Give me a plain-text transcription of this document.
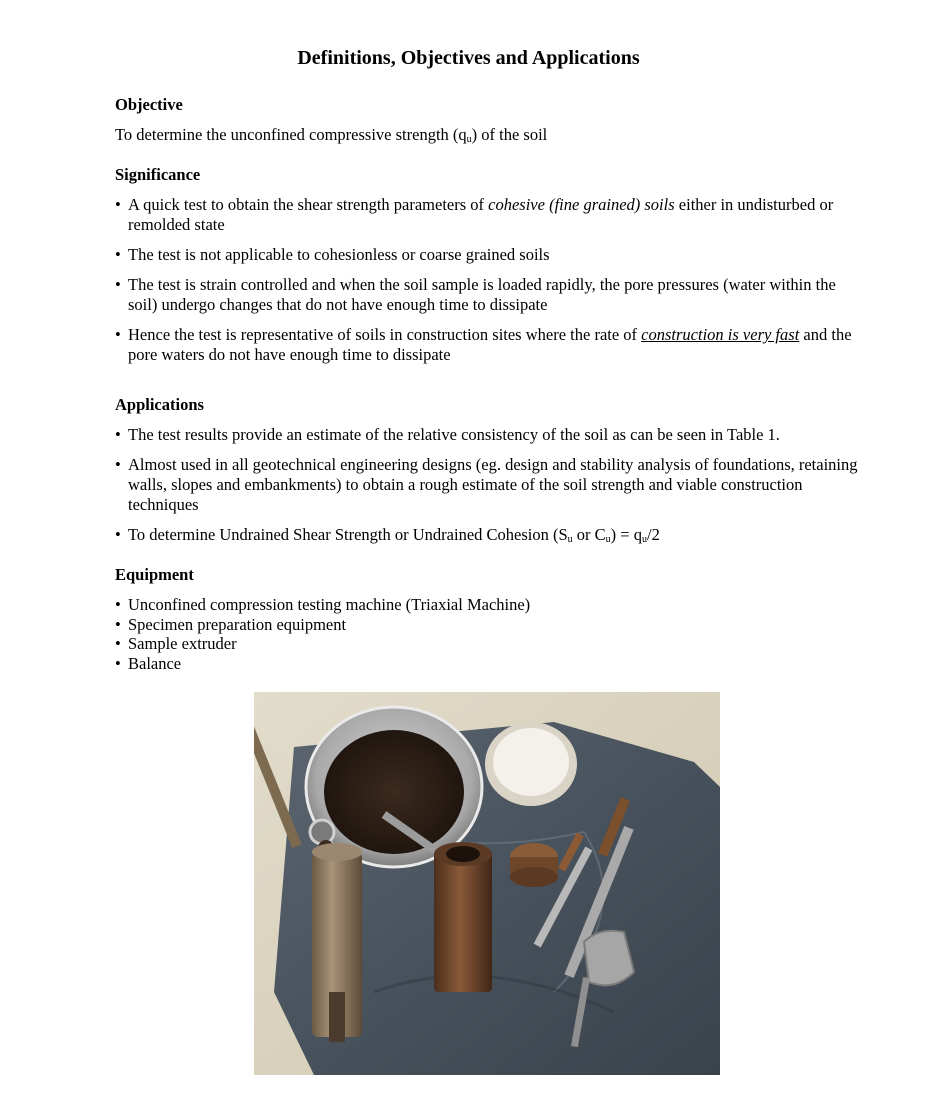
Definitions, Objectives and Applications
Objective
To determine the unconfined compressive strength $(q_u)$ of the soil
Significance
• A quick test to obtain the shear strength parameters of cohesive (fine grained) soils either in undisturbed or remolded state
• The test is not applicable to cohesionless or coarse grained soils
• The test is strain controlled and when the soil sample is loaded rapidly, the pore pressures (water within the soil) undergo changes that do not have enough time to dissipate
• Hence the test is representative of soils in construction sites where the rate of construction is very fast and the pore waters do not have enough time to dissipate
Applications
• The test results provide an estimate of the relative consistency of the soil as can be seen in Table 1.
• Almost used in all geotechnical engineering designs (eg. design and stability analysis of foundations, retaining walls, slopes and embankments) to obtain a rough estimate of the soil strength and viable construction techniques
• To determine Undrained Shear Strength or Undrained Cohesion ($S_u$ or $C_u) = q_u/2$
Equipment
• Unconfined compression testing machine (Triaxial Machine)
• Specimen preparation equipment
• Sample extruder
• Balance
